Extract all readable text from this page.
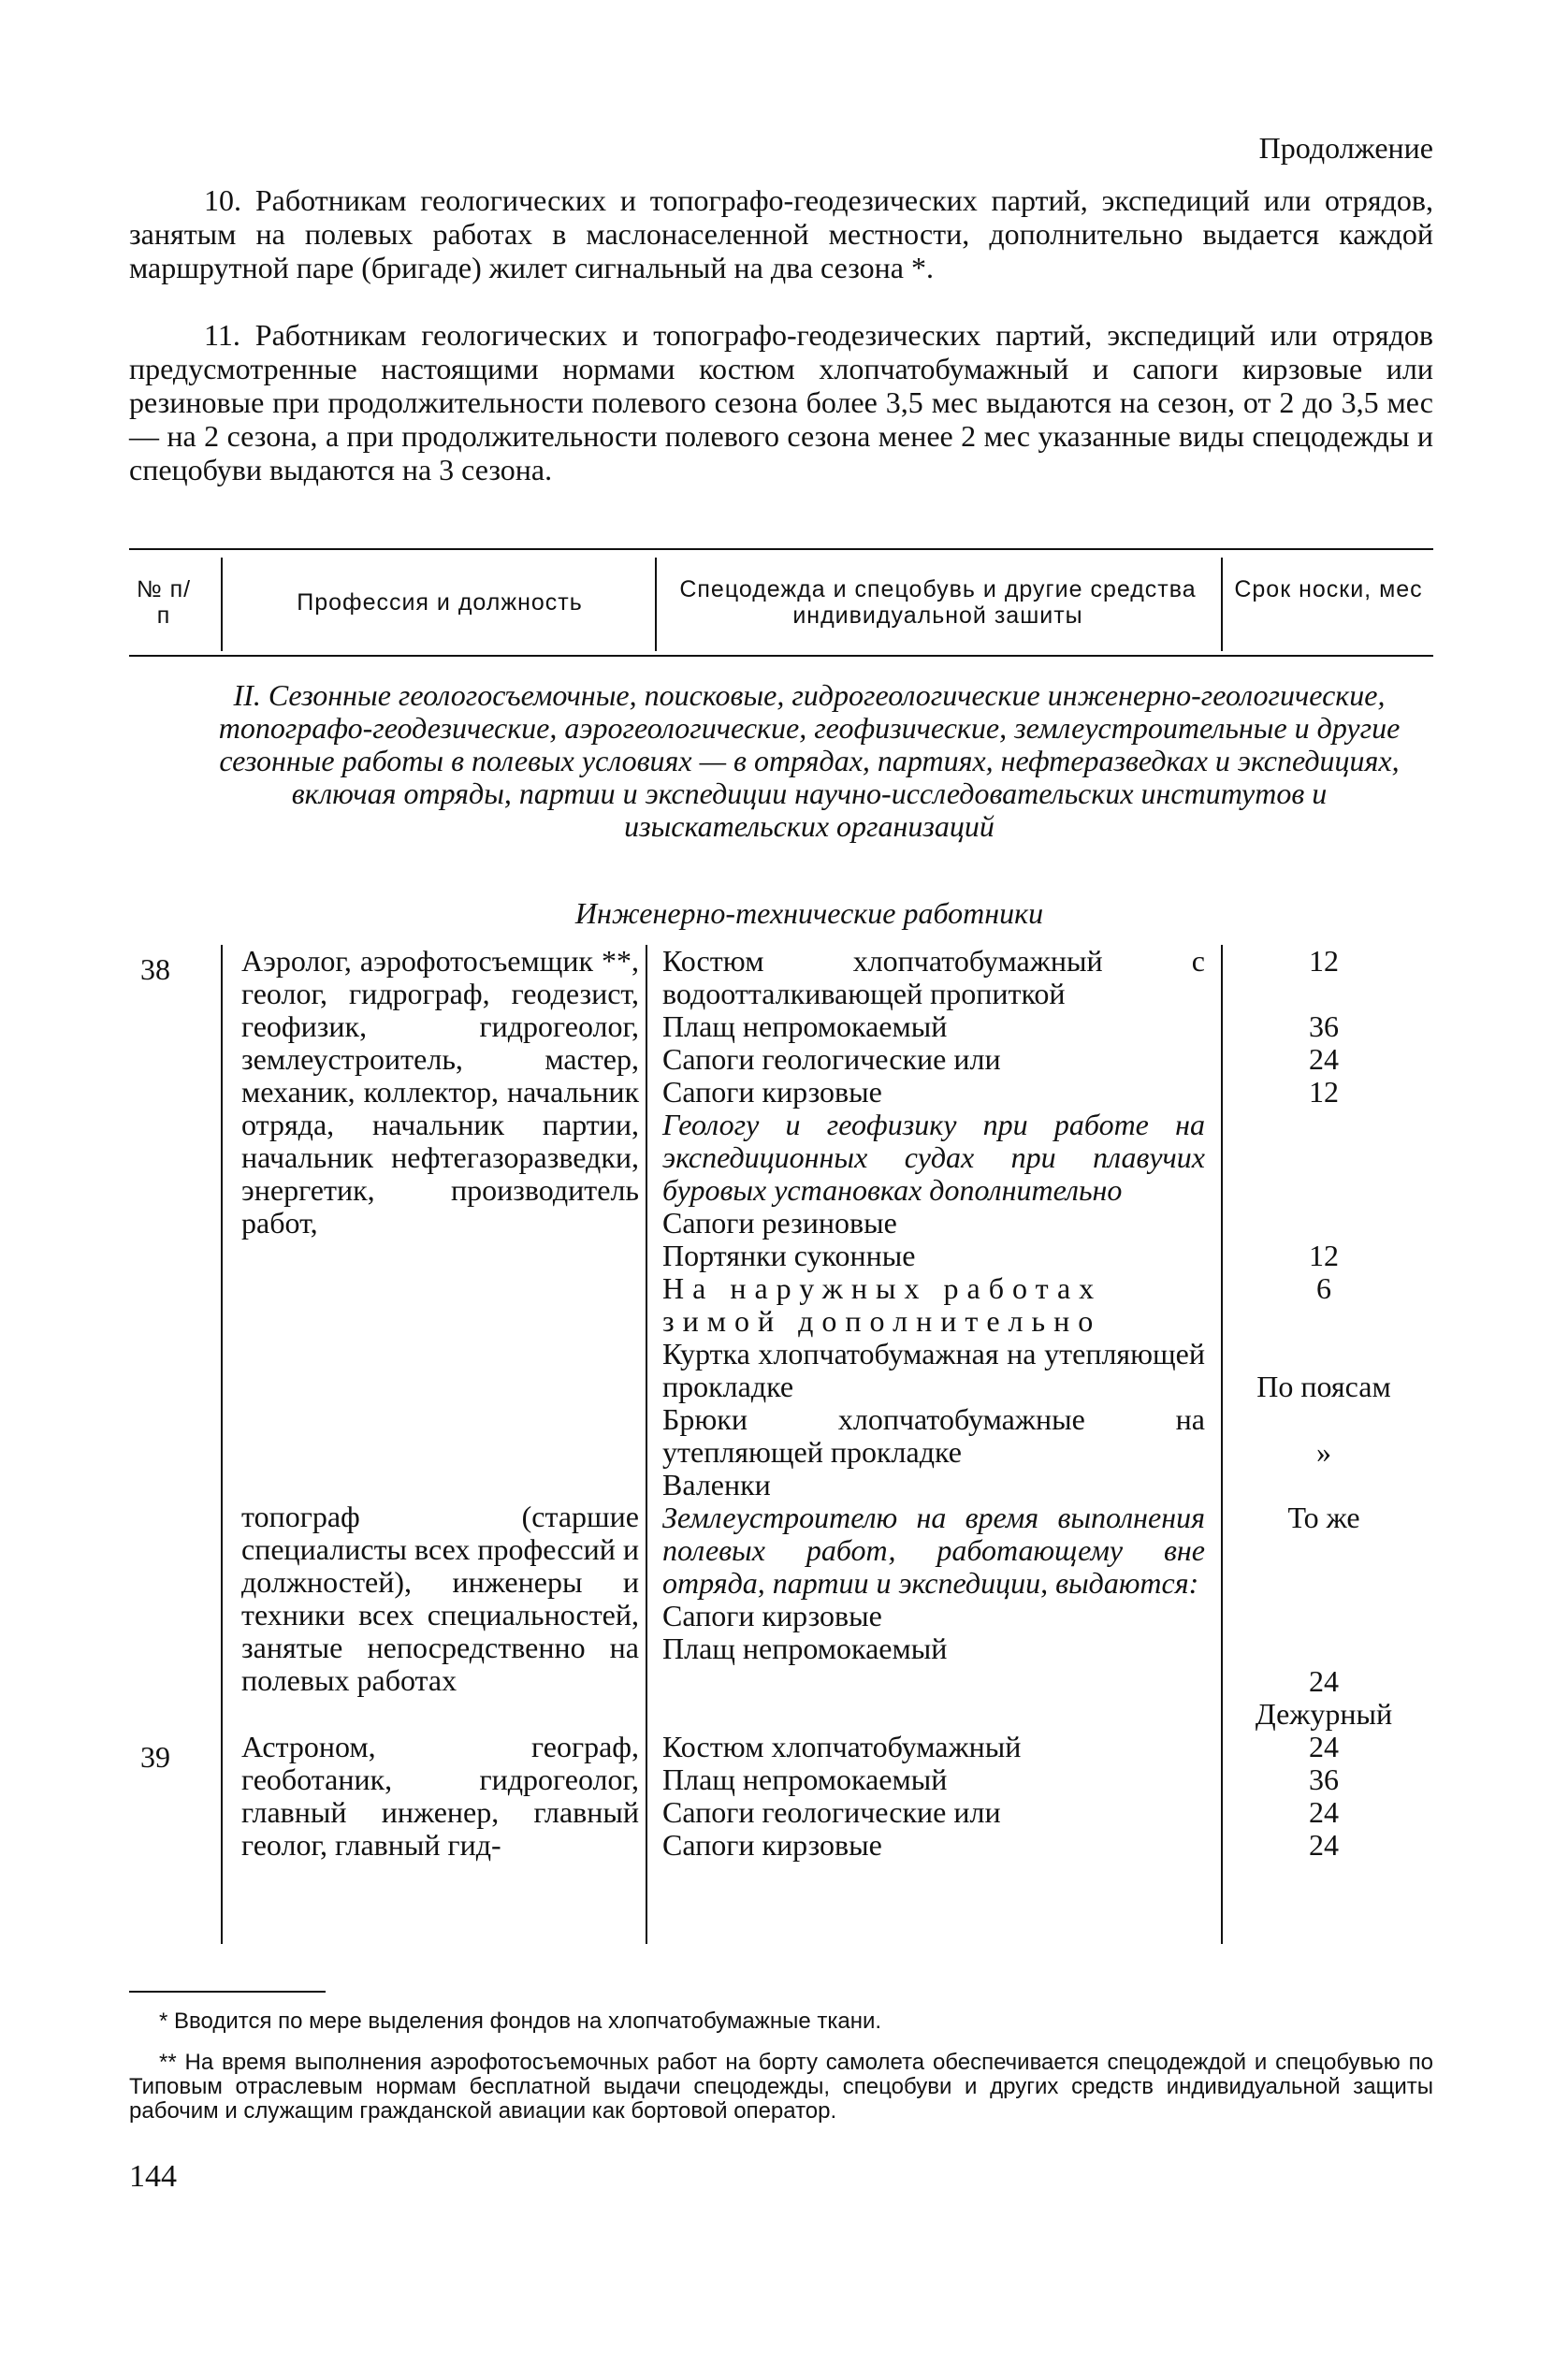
Продолжение

10. Работникам геологических и топографо-геодезических партий, экспедиций или отрядов, занятым на полевых работах в маслонаселенной местности, дополнительно выдается каждой маршрутной паре (бригаде) жилет сигнальный на два сезона *.

11. Работникам геологических и топографо-геодезических партий, экспедиций или отрядов предусмотренные настоящими нормами костюм хлопчатобумажный и сапоги кирзовые или резиновые при продолжительности полевого сезона более 3,5 мес выдаются на сезон, от 2 до 3,5 мес — на 2 сезона, а при продолжительности полевого сезона менее 2 мес указанные виды спецодежды и спецобуви выдаются на 3 сезона.

№ п/п	Профессия и должность	Спецодежда и спецобувь и другие средства индивидуальной зашиты
Срок носки, мес
II. Сезонные геологосъемочные, поисковые, гидрогеологические инженерно-геологические, топографо-геодезические, аэрогеологические, геофизические, землеустроительные и другие сезонные работы в полевых условиях — в отрядах, партиях, нефтеразведках и экспедициях, включая отряды, партии и экспедиции научно-исследовательских институтов и изыскательских организаций
Инженерно-технические работники
38 Аэролог, аэрофотосъемщик **, геолог, гидрограф, геодезист, геофизик, гидрогеолог, землеустроитель, мастер, механик, коллектор, начальник отряда, начальник партии, начальник нефтегазоразведки, энергетик, производитель работ,
топограф (старшие специалисты всех профессий и должностей), инженеры и техники всех специальностей, занятые непосредственно на полевых работах
Костюм хлопчатобумажный с водоотталкивающей пропиткой
Плащ непромокаемый
Сапоги геологические или
Сапоги кирзовые
Геологу и геофизику при работе на экспедиционных судах при плавучих буровых установках дополнительно
Сапоги резиновые
Портянки суконные
На наружных работах зимой дополнительно
Куртка хлопчатобумажная на утепляющей прокладке
Брюки хлопчатобумажные на утепляющей прокладке
Валенки
Землеустроителю на время выполнения полевых работ, работающему вне отряда, партии и экспедиции, выдаются:
Сапоги кирзовые
Плащ непромокаемый
12
36
24
12
12
6
По поясам
»
То же
24
Дежурный
39 Астроном, географ, геоботаник, гидрогеолог, главный инженер, главный геолог, главный гид-
Костюм хлопчатобумажный
Плащ непромокаемый
Сапоги геологические или
Сапоги кирзовые
24
36
24
24

* Вводится по мере выделения фондов на хлопчатобумажные ткани.

** На время выполнения аэрофотосъемочных работ на борту самолета обеспечивается спецодеждой и спецобувью по Типовым отраслевым нормам бесплатной выдачи спецодежды, спецобуви и других средств индивидуальной защиты рабочим и служащим гражданской авиации как бортовой оператор.

144
